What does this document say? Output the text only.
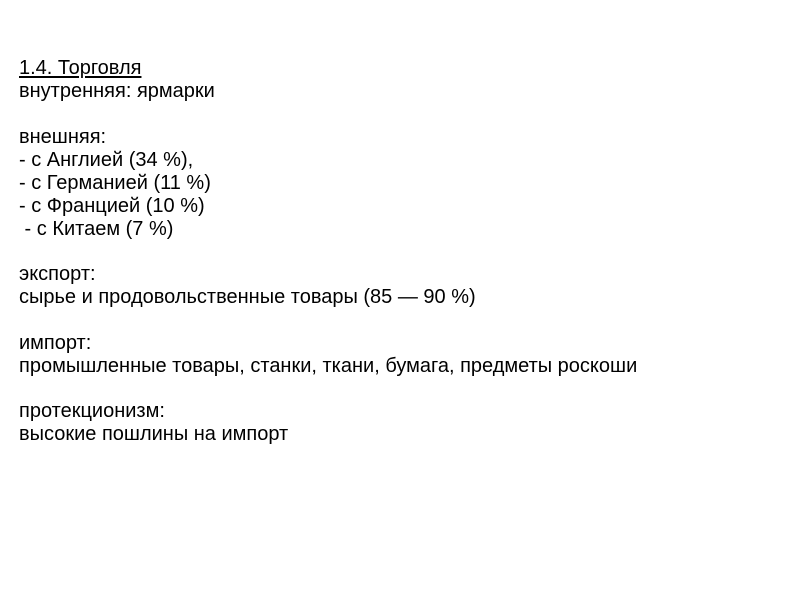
1.4. Торговля
внутренняя: ярмарки
внешняя:
- с Англией (34 %),
- с Германией (11 %)
- с Францией (10 %)
- с Китаем (7 %)
экспорт:
сырье и продовольственные товары (85 — 90 %)
импорт:
промышленные товары, станки, ткани, бумага, предметы роскоши
протекционизм:
высокие пошлины на импорт
